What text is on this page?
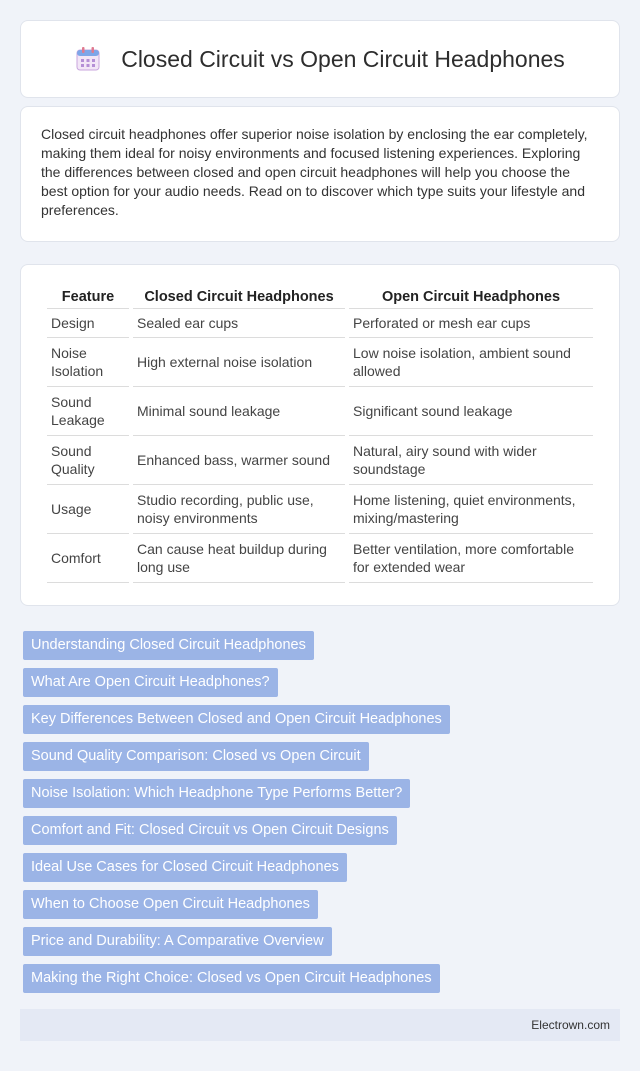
Closed Circuit vs Open Circuit Headphones

Closed circuit headphones offer superior noise isolation by enclosing the ear completely, making them ideal for noisy environments and focused listening experiences. Exploring the differences between closed and open circuit headphones will help you choose the best option for your audio needs. Read on to discover which type suits your lifestyle and preferences.

Feature	Closed Circuit Headphones	Open Circuit Headphones
Design	Sealed ear cups	Perforated or mesh ear cups
Noise Isolation	High external noise isolation	Low noise isolation, ambient sound allowed
Sound Leakage	Minimal sound leakage	Significant sound leakage
Sound Quality	Enhanced bass, warmer sound	Natural, airy sound with wider soundstage
Usage	Studio recording, public use, noisy environments	Home listening, quiet environments, mixing/mastering
Comfort	Can cause heat buildup during long use	Better ventilation, more comfortable for extended wear
Understanding Closed Circuit Headphones
What Are Open Circuit Headphones?
Key Differences Between Closed and Open Circuit Headphones
Sound Quality Comparison: Closed vs Open Circuit
Noise Isolation: Which Headphone Type Performs Better?
Comfort and Fit: Closed Circuit vs Open Circuit Designs
Ideal Use Cases for Closed Circuit Headphones
When to Choose Open Circuit Headphones
Price and Durability: A Comparative Overview
Making the Right Choice: Closed vs Open Circuit Headphones
Electrown.com
